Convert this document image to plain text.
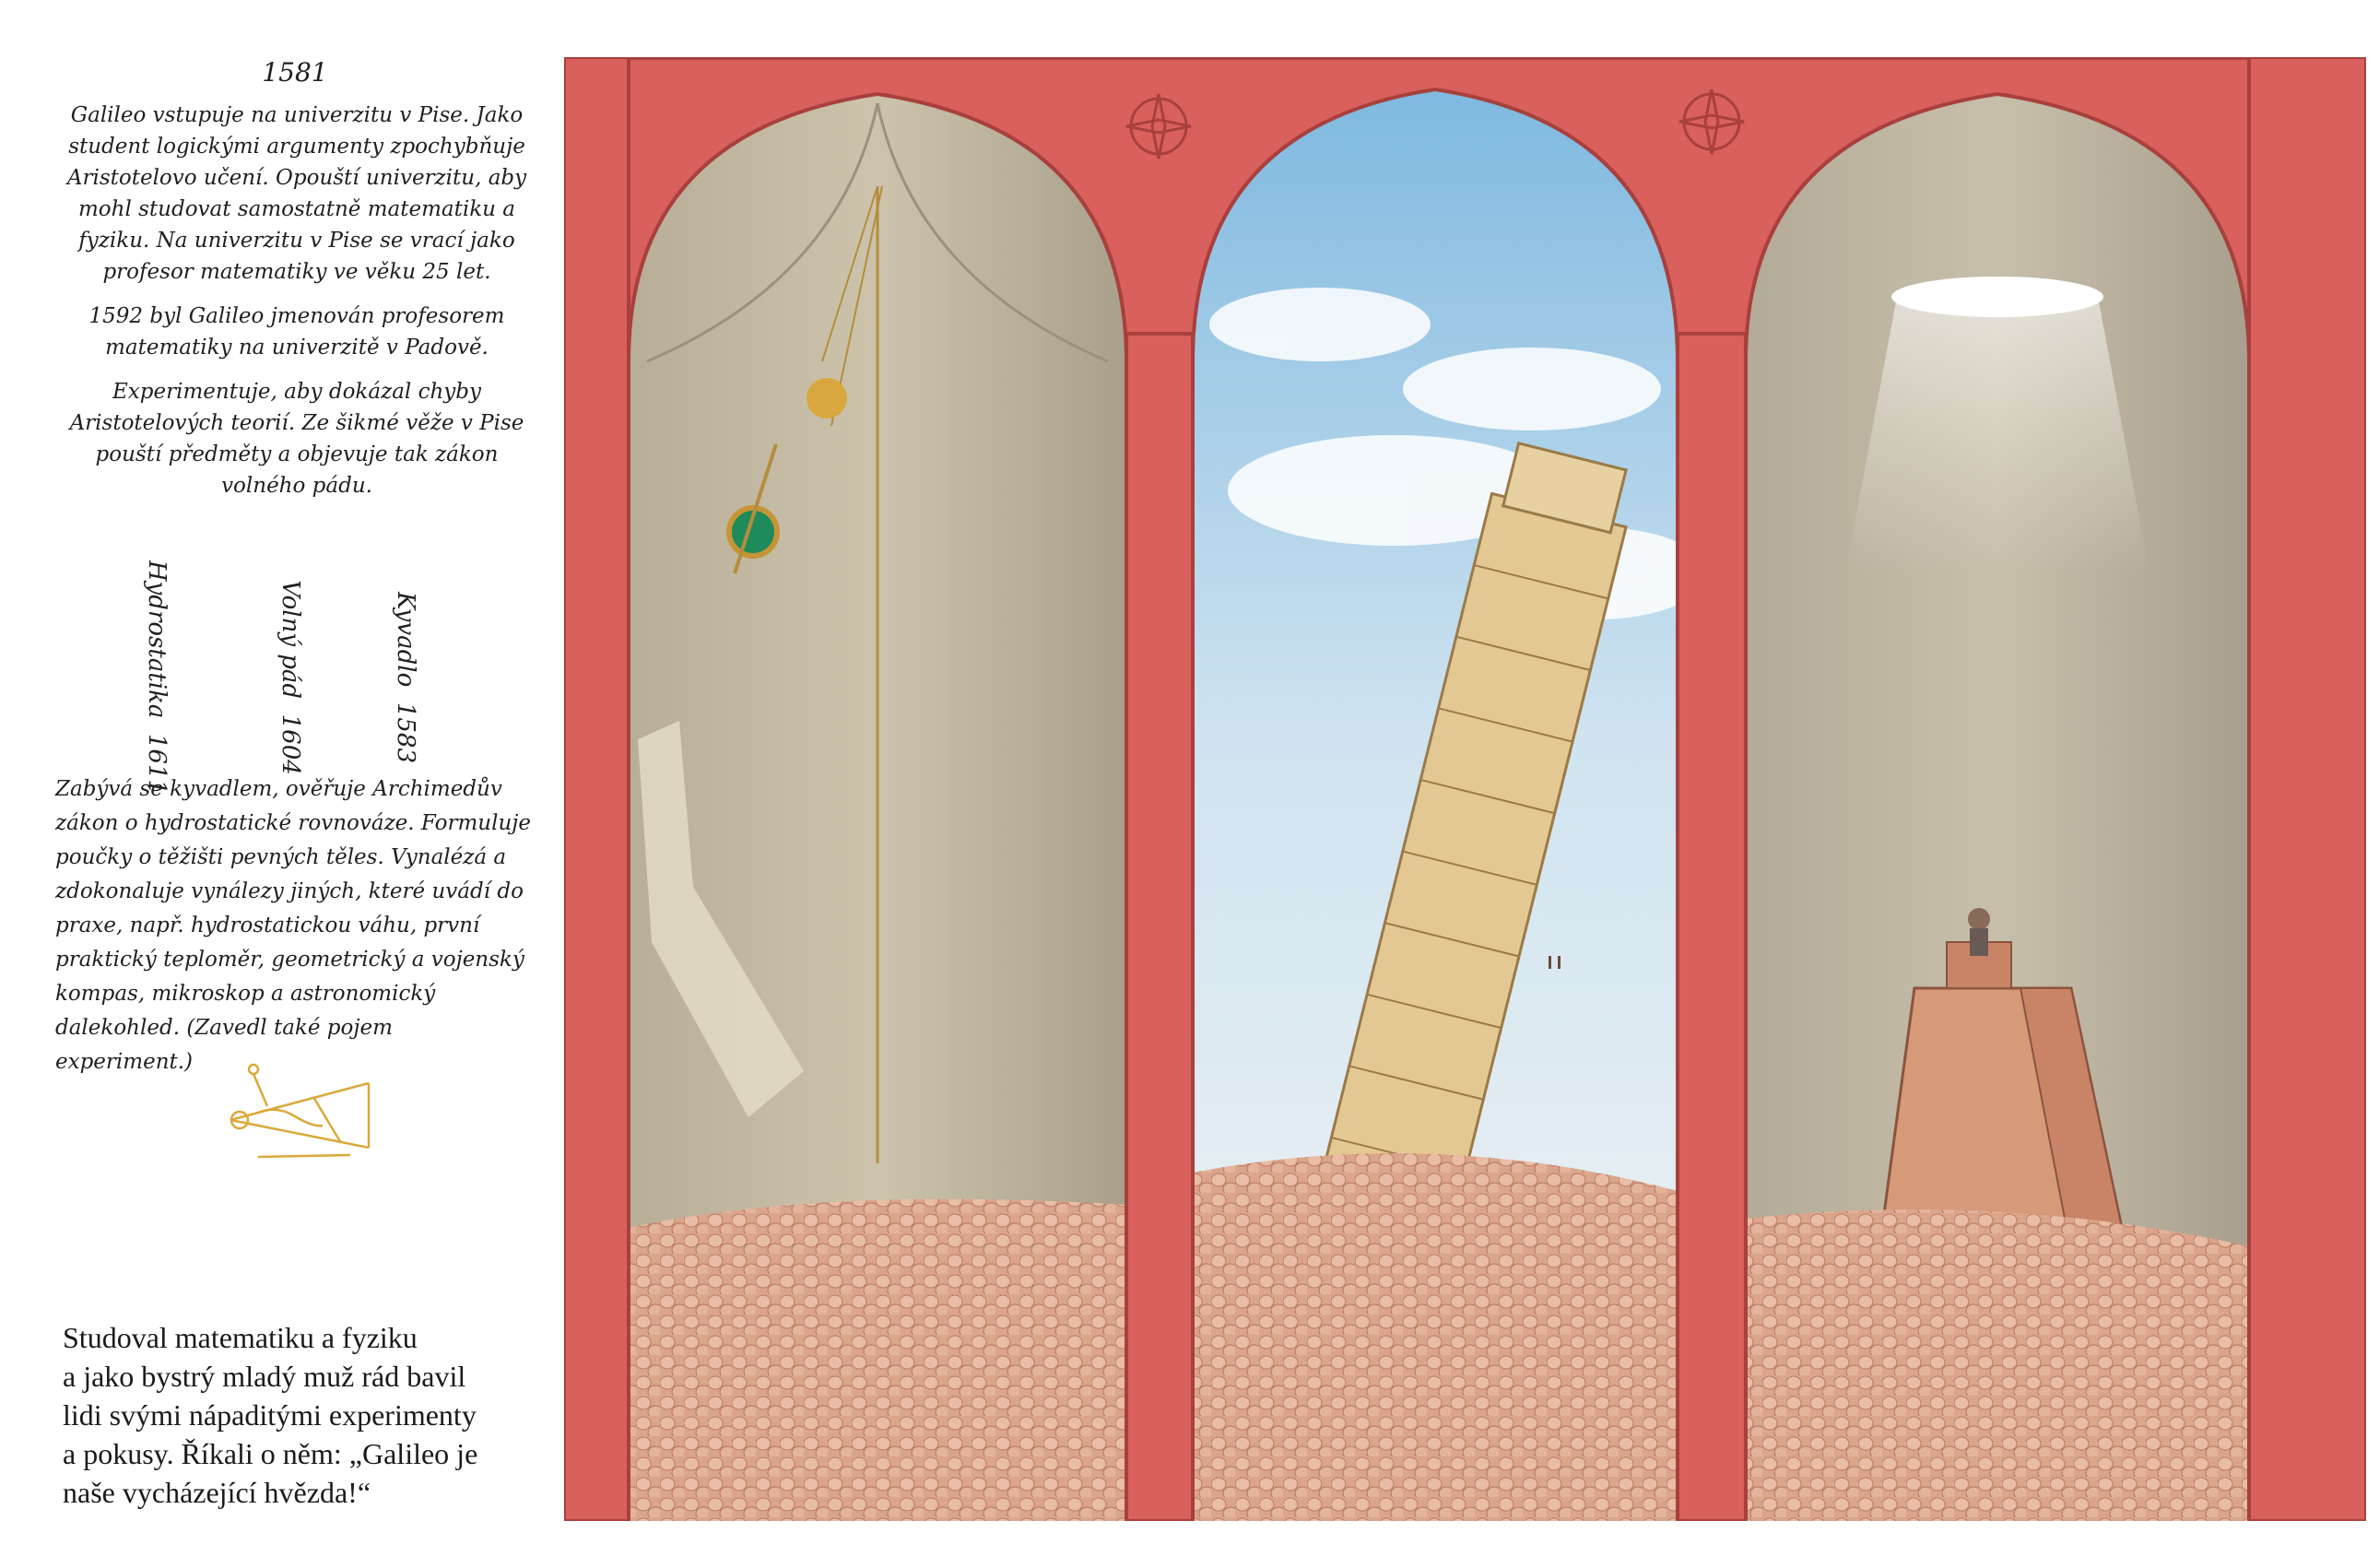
1581

Galileo vstupuje na univerzitu v Pise. Jako student logickými argumenty zpochybňuje Aristotelovo učení. Opouští univerzitu, aby mohl studovat samostatně matematiku a fyziku. Na univerzitu v Pise se vrací jako profesor matematiky ve věku 25 let.

1592 byl Galileo jmenován profesorem matematiky na univerzitě v Padově.

Experimentuje, aby dokázal chyby Aristotelových teorií. Ze šikmé věže v Pise pouští předměty a objevuje tak zákon volného pádu.

Hydrostatika  1611
Volný pád  1604
Kyvadlo  1583

Zabývá se kyvadlem, ověřuje Archimedův zákon o hydrostatické rovnováze. Formuluje poučky o těžišti pevných těles. Vynalézá a zdokonaluje vynálezy jiných, které uvádí do praxe, např. hydrostatickou váhu, první praktický teploměr, geometrický a vojenský kompas, mikroskop a astronomický dalekohled. (Zavedl také pojem experiment.)

Studoval matematiku a fyziku
a jako bystrý mladý muž rád bavil
lidi svými nápaditými experimenty
a pokusy. Říkali o něm: „Galileo je
naše vycházející hvězda!“
